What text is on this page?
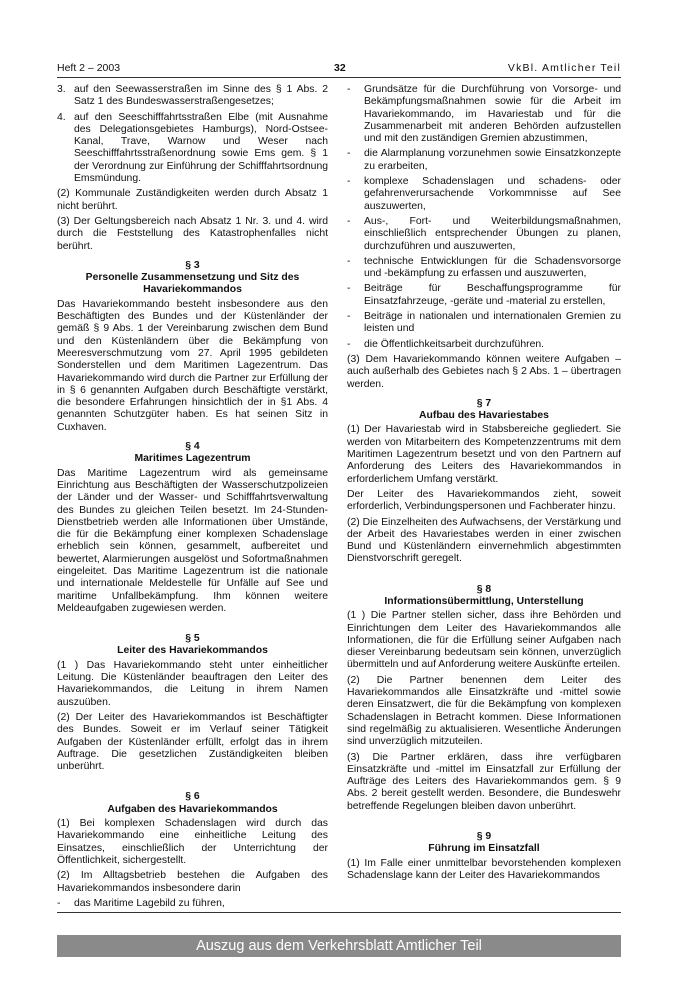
Heft 2 – 2003	32	VkBl. Amtlicher Teil
3. auf den Seewasserstraßen im Sinne des § 1 Abs. 2 Satz 1 des Bundeswasserstraßengesetzes;
4. auf den Seeschifffahrtsstraßen Elbe (mit Ausnahme des Delegationsgebietes Hamburgs), Nord-Ostsee-Kanal, Trave, Warnow und Weser nach Seeschifffahrtsstraßenordnung sowie Ems gem. § 1 der Verordnung zur Einführung der Schifffahrtsordnung Emsmündung.

(2) Kommunale Zuständigkeiten werden durch Absatz 1 nicht berührt.

(3) Der Geltungsbereich nach Absatz 1 Nr. 3. und 4. wird durch die Feststellung des Katastrophenfalles nicht berührt.

§ 3
Personelle Zusammensetzung und Sitz des Havariekommandos

Das Havariekommando besteht insbesondere aus den Beschäftigten des Bundes und der Küstenländer der gemäß § 9 Abs. 1 der Vereinbarung zwischen dem Bund und den Küstenländern über die Bekämpfung von Meeresverschmutzung vom 27. April 1995 gebildeten Sonderstellen und dem Maritimen Lagezentrum. Das Havariekommando wird durch die Partner zur Erfüllung der in § 6 genannten Aufgaben durch Beschäftigte verstärkt, die besondere Erfahrungen hinsichtlich der in §1 Abs. 4 genannten Schutzgüter haben. Es hat seinen Sitz in Cuxhaven.

§ 4
Maritimes Lagezentrum

Das Maritime Lagezentrum wird als gemeinsame Einrichtung aus Beschäftigten der Wasserschutzpolizeien der Länder und der Wasser- und Schifffahrtsverwaltung des Bundes zu gleichen Teilen besetzt. Im 24-Stunden-Dienstbetrieb werden alle Informationen über Umstände, die für die Bekämpfung einer komplexen Schadenslage erheblich sein können, gesammelt, aufbereitet und bewertet, Alarmierungen ausgelöst und Sofortmaßnahmen eingeleitet. Das Maritime Lagezentrum ist die nationale und internationale Meldestelle für Unfälle auf See und maritime Unfallbekämpfung. Ihm können weitere Meldeaufgaben zugewiesen werden.

§ 5
Leiter des Havariekommandos

(1 ) Das Havariekommando steht unter einheitlicher Leitung. Die Küstenländer beauftragen den Leiter des Havariekommandos, die Leitung in ihrem Namen auszuüben.

(2) Der Leiter des Havariekommandos ist Beschäftigter des Bundes. Soweit er im Verlauf seiner Tätigkeit Aufgaben der Küstenländer erfüllt, erfolgt das in ihrem Auftrage. Die gesetzlichen Zuständigkeiten bleiben unberührt.

§ 6
Aufgaben des Havariekommandos

(1) Bei komplexen Schadenslagen wird durch das Havariekommando eine einheitliche Leitung des Einsatzes, einschließlich der Unterrichtung der Öffentlichkeit, sichergestellt.

(2) Im Alltagsbetrieb bestehen die Aufgaben des Havariekommandos insbesondere darin

- das Maritime Lagebild zu führen,
- Grundsätze für die Durchführung von Vorsorge- und Bekämpfungsmaßnahmen sowie für die Arbeit im Havariekommando, im Havariestab und für die Zusammenarbeit mit anderen Behörden aufzustellen und mit den zuständigen Gremien abzustimmen,
- die Alarmplanung vorzunehmen sowie Einsatzkonzepte zu erarbeiten,
- komplexe Schadenslagen und schadens- oder gefahrenverursachende Vorkommnisse auf See auszuwerten,
- Aus-, Fort- und Weiterbildungsmaßnahmen, einschließlich entsprechender Übungen zu planen, durchzuführen und auszuwerten,
- technische Entwicklungen für die Schadensvorsorge und -bekämpfung zu erfassen und auszuwerten,
- Beiträge für Beschaffungsprogramme für Einsatzfahrzeuge, -geräte und -material zu erstellen,
- Beiträge in nationalen und internationalen Gremien zu leisten und
- die Öffentlichkeitsarbeit durchzuführen.

(3) Dem Havariekommando können weitere Aufgaben – auch außerhalb des Gebietes nach § 2 Abs. 1 – übertragen werden.

§ 7
Aufbau des Havariestabes

(1) Der Havariestab wird in Stabsbereiche gegliedert. Sie werden von Mitarbeitern des Kompetenzzentrums mit dem Maritimen Lagezentrum besetzt und von den Partnern auf Anforderung des Leiters des Havariekommandos in erforderlichem Umfang verstärkt.

Der Leiter des Havariekommandos zieht, soweit erforderlich, Verbindungspersonen und Fachberater hinzu.

(2) Die Einzelheiten des Aufwachsens, der Verstärkung und der Arbeit des Havariestabes werden in einer zwischen Bund und Küstenländern einvernehmlich abgestimmten Dienstvorschrift geregelt.

§ 8
Informationsübermittlung, Unterstellung

(1 ) Die Partner stellen sicher, dass ihre Behörden und Einrichtungen dem Leiter des Havariekommandos alle Informationen, die für die Erfüllung seiner Aufgaben nach dieser Vereinbarung bedeutsam sein können, unverzüglich übermitteln und auf Anforderung weitere Auskünfte erteilen.

(2) Die Partner benennen dem Leiter des Havariekommandos alle Einsatzkräfte und -mittel sowie deren Einsatzwert, die für die Bekämpfung von komplexen Schadenslagen in Betracht kommen. Diese Informationen sind regelmäßig zu aktualisieren. Wesentliche Änderungen sind unverzüglich mitzuteilen.

(3) Die Partner erklären, dass ihre verfügbaren Einsatzkräfte und -mittel im Einsatzfall zur Erfüllung der Aufträge des Leiters des Havariekommandos gem. § 9 Abs. 2 bereit gestellt werden. Besondere, die Bundeswehr betreffende Regelungen bleiben davon unberührt.

§ 9
Führung im Einsatzfall

(1) Im Falle einer unmittelbar bevorstehenden komplexen Schadenslage kann der Leiter des Havariekommandos

Auszug aus dem Verkehrsblatt Amtlicher Teil
